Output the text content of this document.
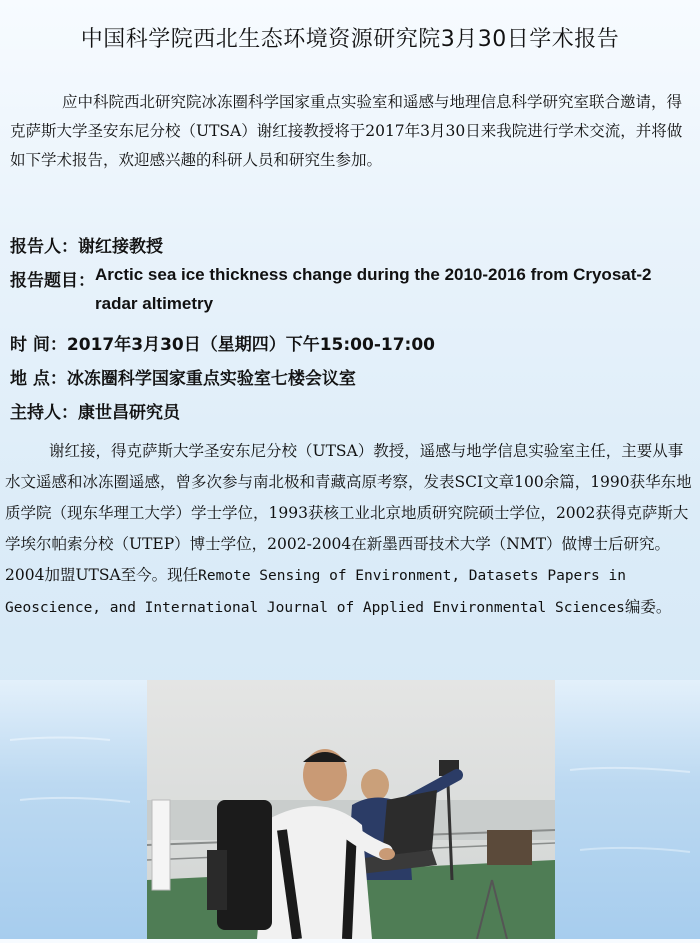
中国科学院西北生态环境资源研究院3月30日学术报告
应中科院西北研究院冰冻圈科学国家重点实验室和遥感与地理信息科学研究室联合邀请，得克萨斯大学圣安东尼分校（UTSA）谢红接教授将于2017年3月30日来我院进行学术交流，并将做如下学术报告，欢迎感兴趣的科研人员和研究生参加。
报告人：谢红接教授
报告题目： Arctic sea ice thickness change during the 2010-2016 from Cryosat-2 radar altimetry
时 间：2017年3月30日（星期四）下午15:00-17:00
地 点：冰冻圈科学国家重点实验室七楼会议室
主持人：康世昌研究员
谢红接，得克萨斯大学圣安东尼分校（UTSA）教授，遥感与地学信息实验室主任，主要从事水文遥感和冰冻圈遥感，曾多次参与南北极和青藏高原考察，发表SCI文章100余篇，1990获华东地质学院（现东华理工大学）学士学位，1993获核工业北京地质研究院硕士学位，2002获得克萨斯大学埃尔帕索分校（UTEP）博士学位，2002-2004在新墨西哥技术大学（NMT）做博士后研究。2004加盟UTSA至今。现任Remote Sensing of Environment, Datasets Papers in Geoscience, and International Journal of Applied Environmental Sciences编委。
